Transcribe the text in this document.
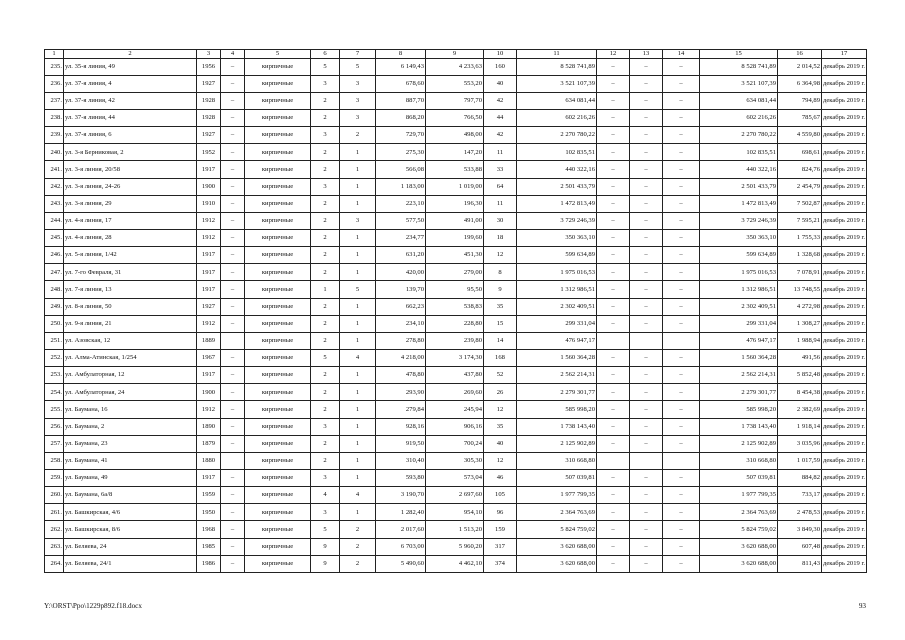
1	2	3	4	5	6	7	8	9	10	11	12	13	14	15	16	17
235.	ул. 35-я линия, 49	1956	–	кирпичные	5	5	6 149,43	4 233,63	160	8 528 741,89	–	–	–	8 528 741,89	2 014,52	декабрь 2019 г.
236.	ул. 37-я линия, 4	1927	–	кирпичные	3	3	678,60	553,20	40	3 521 107,39	–	–	–	3 521 107,39	6 364,98	декабрь 2019 г.
237.	ул. 37-я линия, 42	1928	–	кирпичные	2	3	887,70	797,70	42	634 081,44	–	–	–	634 081,44	794,89	декабрь 2019 г.
238.	ул. 37-я линия, 44	1928	–	кирпичные	2	3	868,20	766,50	44	602 216,26	–	–	–	602 216,26	785,67	декабрь 2019 г.
239.	ул. 37-я линия, 6	1927	–	кирпичные	3	2	729,70	498,00	42	2 270 780,22	–	–	–	2 270 780,22	4 559,80	декабрь 2019 г.
240.	ул. 3-я Берниковая, 2	1952	–	кирпичные	2	1	275,30	147,20	11	102 835,51	–	–	–	102 835,51	698,61	декабрь 2019 г.
241.	ул. 3-я линия, 20/58	1917	–	кирпичные	2	1	566,08	533,88	33	440 322,16	–	–	–	440 322,16	824,76	декабрь 2019 г.
242.	ул. 3-я линия, 24-26	1900	–	кирпичные	3	1	1 183,00	1 019,00	64	2 501 433,79	–	–	–	2 501 433,79	2 454,79	декабрь 2019 г.
243.	ул. 3-я линия, 29	1910	–	кирпичные	2	1	223,10	196,30	11	1 472 813,49	–	–	–	1 472 813,49	7 502,87	декабрь 2019 г.
244.	ул. 4-я линия, 17	1912	–	кирпичные	2	3	577,50	491,00	30	3 729 246,39	–	–	–	3 729 246,39	7 595,21	декабрь 2019 г.
245.	ул. 4-я линия, 28	1912	–	кирпичные	2	1	234,77	199,60	18	350 363,10	–	–	–	350 363,10	1 755,33	декабрь 2019 г.
246.	ул. 5-я линия, 1/42	1917	–	кирпичные	2	1	631,20	451,30	12	599 634,89	–	–	–	599 634,89	1 328,68	декабрь 2019 г.
247.	ул. 7-го Февраля, 31	1917	–	кирпичные	2	1	420,00	279,00	8	1 975 016,53	–	–	–	1 975 016,53	7 078,91	декабрь 2019 г.
248.	ул. 7-я линия, 13	1917	–	кирпичные	1	5	139,70	95,50	9	1 312 986,51	–	–	–	1 312 986,51	13 748,55	декабрь 2019 г.
249.	ул. 8-я линия, 50	1927	–	кирпичные	2	1	662,23	538,83	35	2 302 409,51	–	–	–	2 302 409,51	4 272,98	декабрь 2019 г.
250.	ул. 9-я линия, 21	1912	–	кирпичные	2	1	234,10	228,80	15	299 331,04	–	–	–	299 331,04	1 308,27	декабрь 2019 г.
251.	ул. Азовская, 12	1889		кирпичные	2	1	278,80	239,80	14	476 947,17				476 947,17	1 988,94	декабрь 2019 г.
252.	ул. Алма-Атинская, 1/254	1967	–	кирпичные	5	4	4 218,00	3 174,30	168	1 560 364,28	–	–	–	1 560 364,28	491,56	декабрь 2019 г.
253.	ул. Амбулаторная, 12	1917	–	кирпичные	2	1	478,80	437,80	52	2 562 214,31	–	–	–	2 562 214,31	5 852,48	декабрь 2019 г.
254.	ул. Амбулаторная, 24	1900	–	кирпичные	2	1	293,90	269,60	26	2 279 301,77	–	–	–	2 279 301,77	8 454,38	декабрь 2019 г.
255.	ул. Баумана, 16	1912	–	кирпичные	2	1	279,84	245,94	12	585 998,20	–	–	–	585 998,20	2 382,69	декабрь 2019 г.
256.	ул. Баумана, 2	1890	–	кирпичные	3	1	928,16	906,16	35	1 738 143,40	–	–	–	1 738 143,40	1 918,14	декабрь 2019 г.
257.	ул. Баумана, 23	1879	–	кирпичные	2	1	919,50	700,24	40	2 125 902,89	–	–	–	2 125 902,89	3 035,96	декабрь 2019 г.
258.	ул. Баумана, 41	1880		кирпичные	2	1	310,40	305,30	12	310 668,80				310 668,80	1 017,59	декабрь 2019 г.
259.	ул. Баумана, 49	1917	–	кирпичные	3	1	593,80	573,04	46	507 039,81	–	–	–	507 039,81	884,82	декабрь 2019 г.
260.	ул. Баумана, 6а/8	1959	–	кирпичные	4	4	3 190,70	2 697,60	105	1 977 799,35	–	–	–	1 977 799,35	733,17	декабрь 2019 г.
261.	ул. Башкирская, 4/6	1950	–	кирпичные	3	1	1 282,40	954,10	96	2 364 763,69	–	–	–	2 364 763,69	2 478,53	декабрь 2019 г.
262.	ул. Башкирская, 8/6	1968	–	кирпичные	5	2	2 017,60	1 513,20	159	5 824 759,02	–	–	–	5 824 759,02	3 849,30	декабрь 2019 г.
263.	ул. Беляева, 24	1985	–	кирпичные	9	2	6 703,00	5 960,20	317	3 620 688,00	–	–	–	3 620 688,00	607,48	декабрь 2019 г.
264.	ул. Беляева, 24/1	1986	–	кирпичные	9	2	5 490,60	4 462,10	374	3 620 688,00	–	–	–	3 620 688,00	811,43	декабрь 2019 г.
Y:\ORST\Ppo\1229p892.f18.docx	93
